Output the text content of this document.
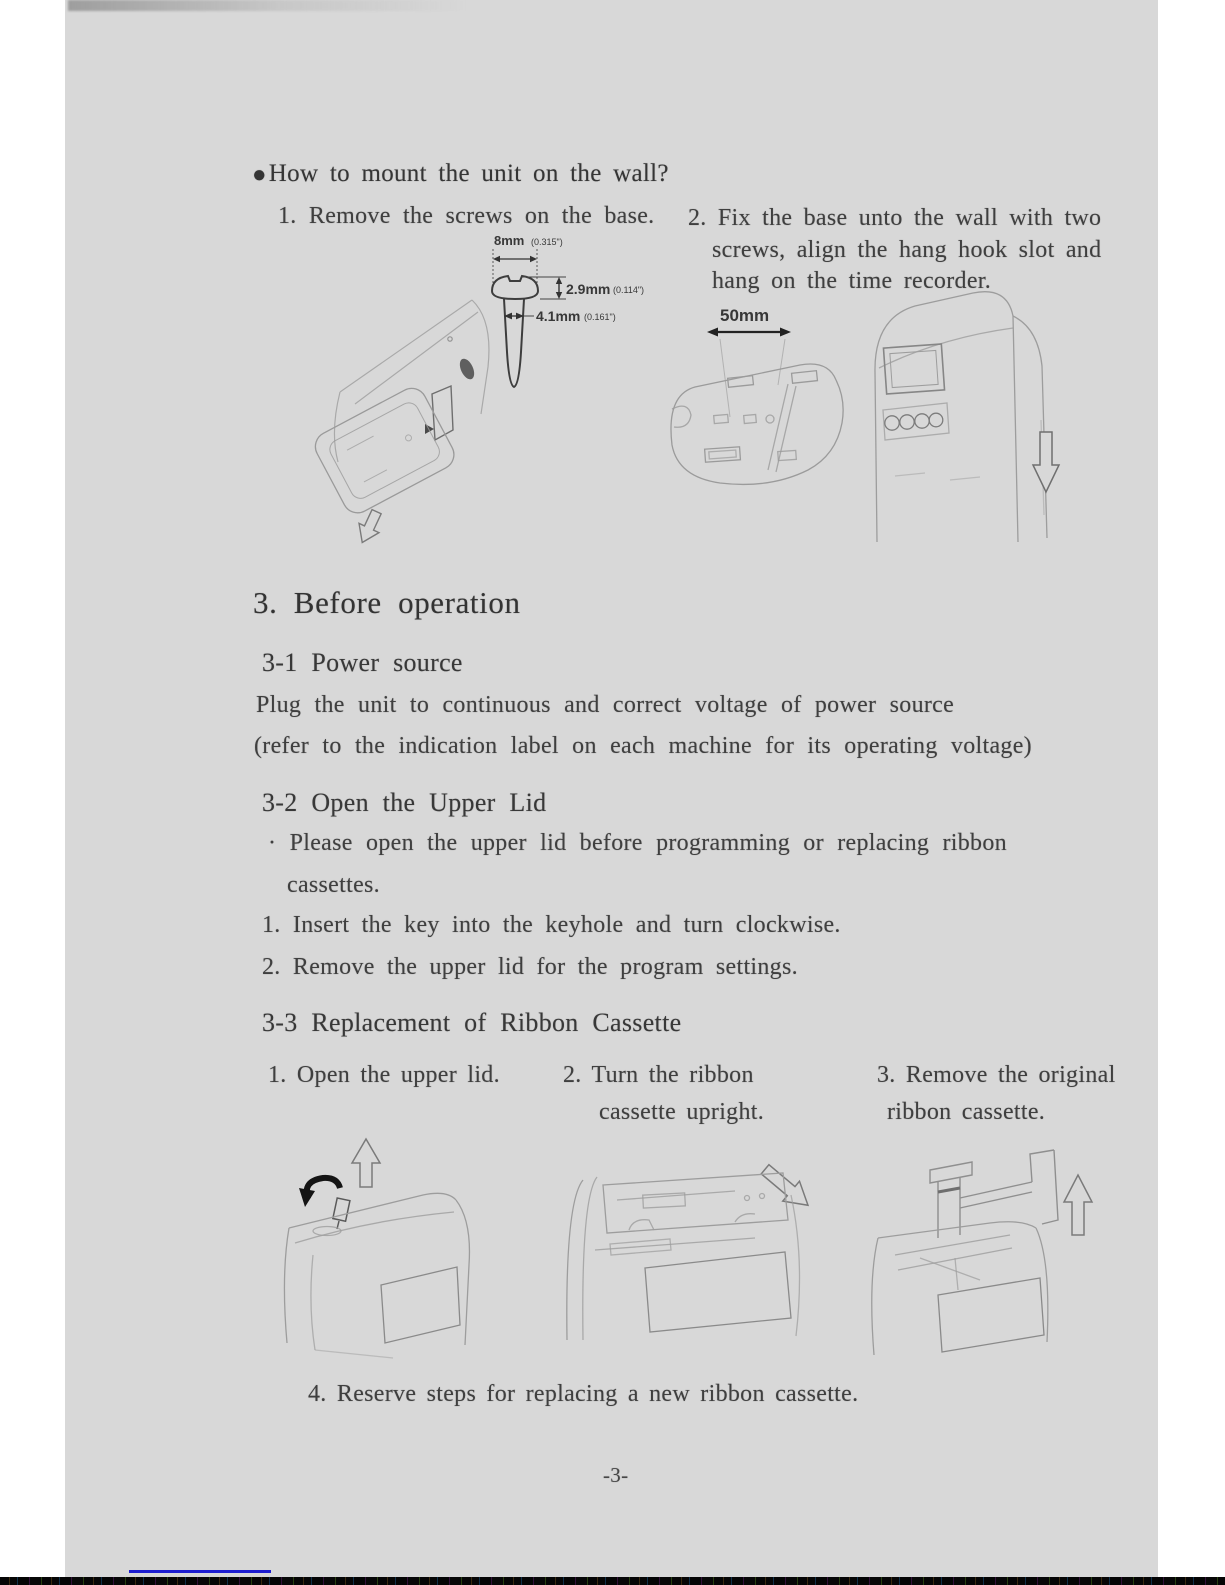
●How to mount the unit on the wall?
1. Remove the screws on the base. 2. Fix the base unto the wall with two
screws, align the hang hook slot and
hang on the time recorder.
8mm (0.315")
2.9mm (0.114")
4.1mm (0.161")	50mm
3. Before operation
3-1 Power source
Plug the unit to continuous and correct voltage of power source
(refer to the indication label on each machine for its operating voltage)
3-2 Open the Upper Lid
· Please open the upper lid before programming or replacing ribbon
cassettes.
1. Insert the key into the keyhole and turn clockwise.
2. Remove the upper lid for the program settings.
3-3 Replacement of Ribbon Cassette
1. Open the upper lid.	2. Turn the ribbon
cassette upright.
3. Remove the original
ribbon cassette.
4. Reserve steps for replacing a new ribbon cassette.
-3-
